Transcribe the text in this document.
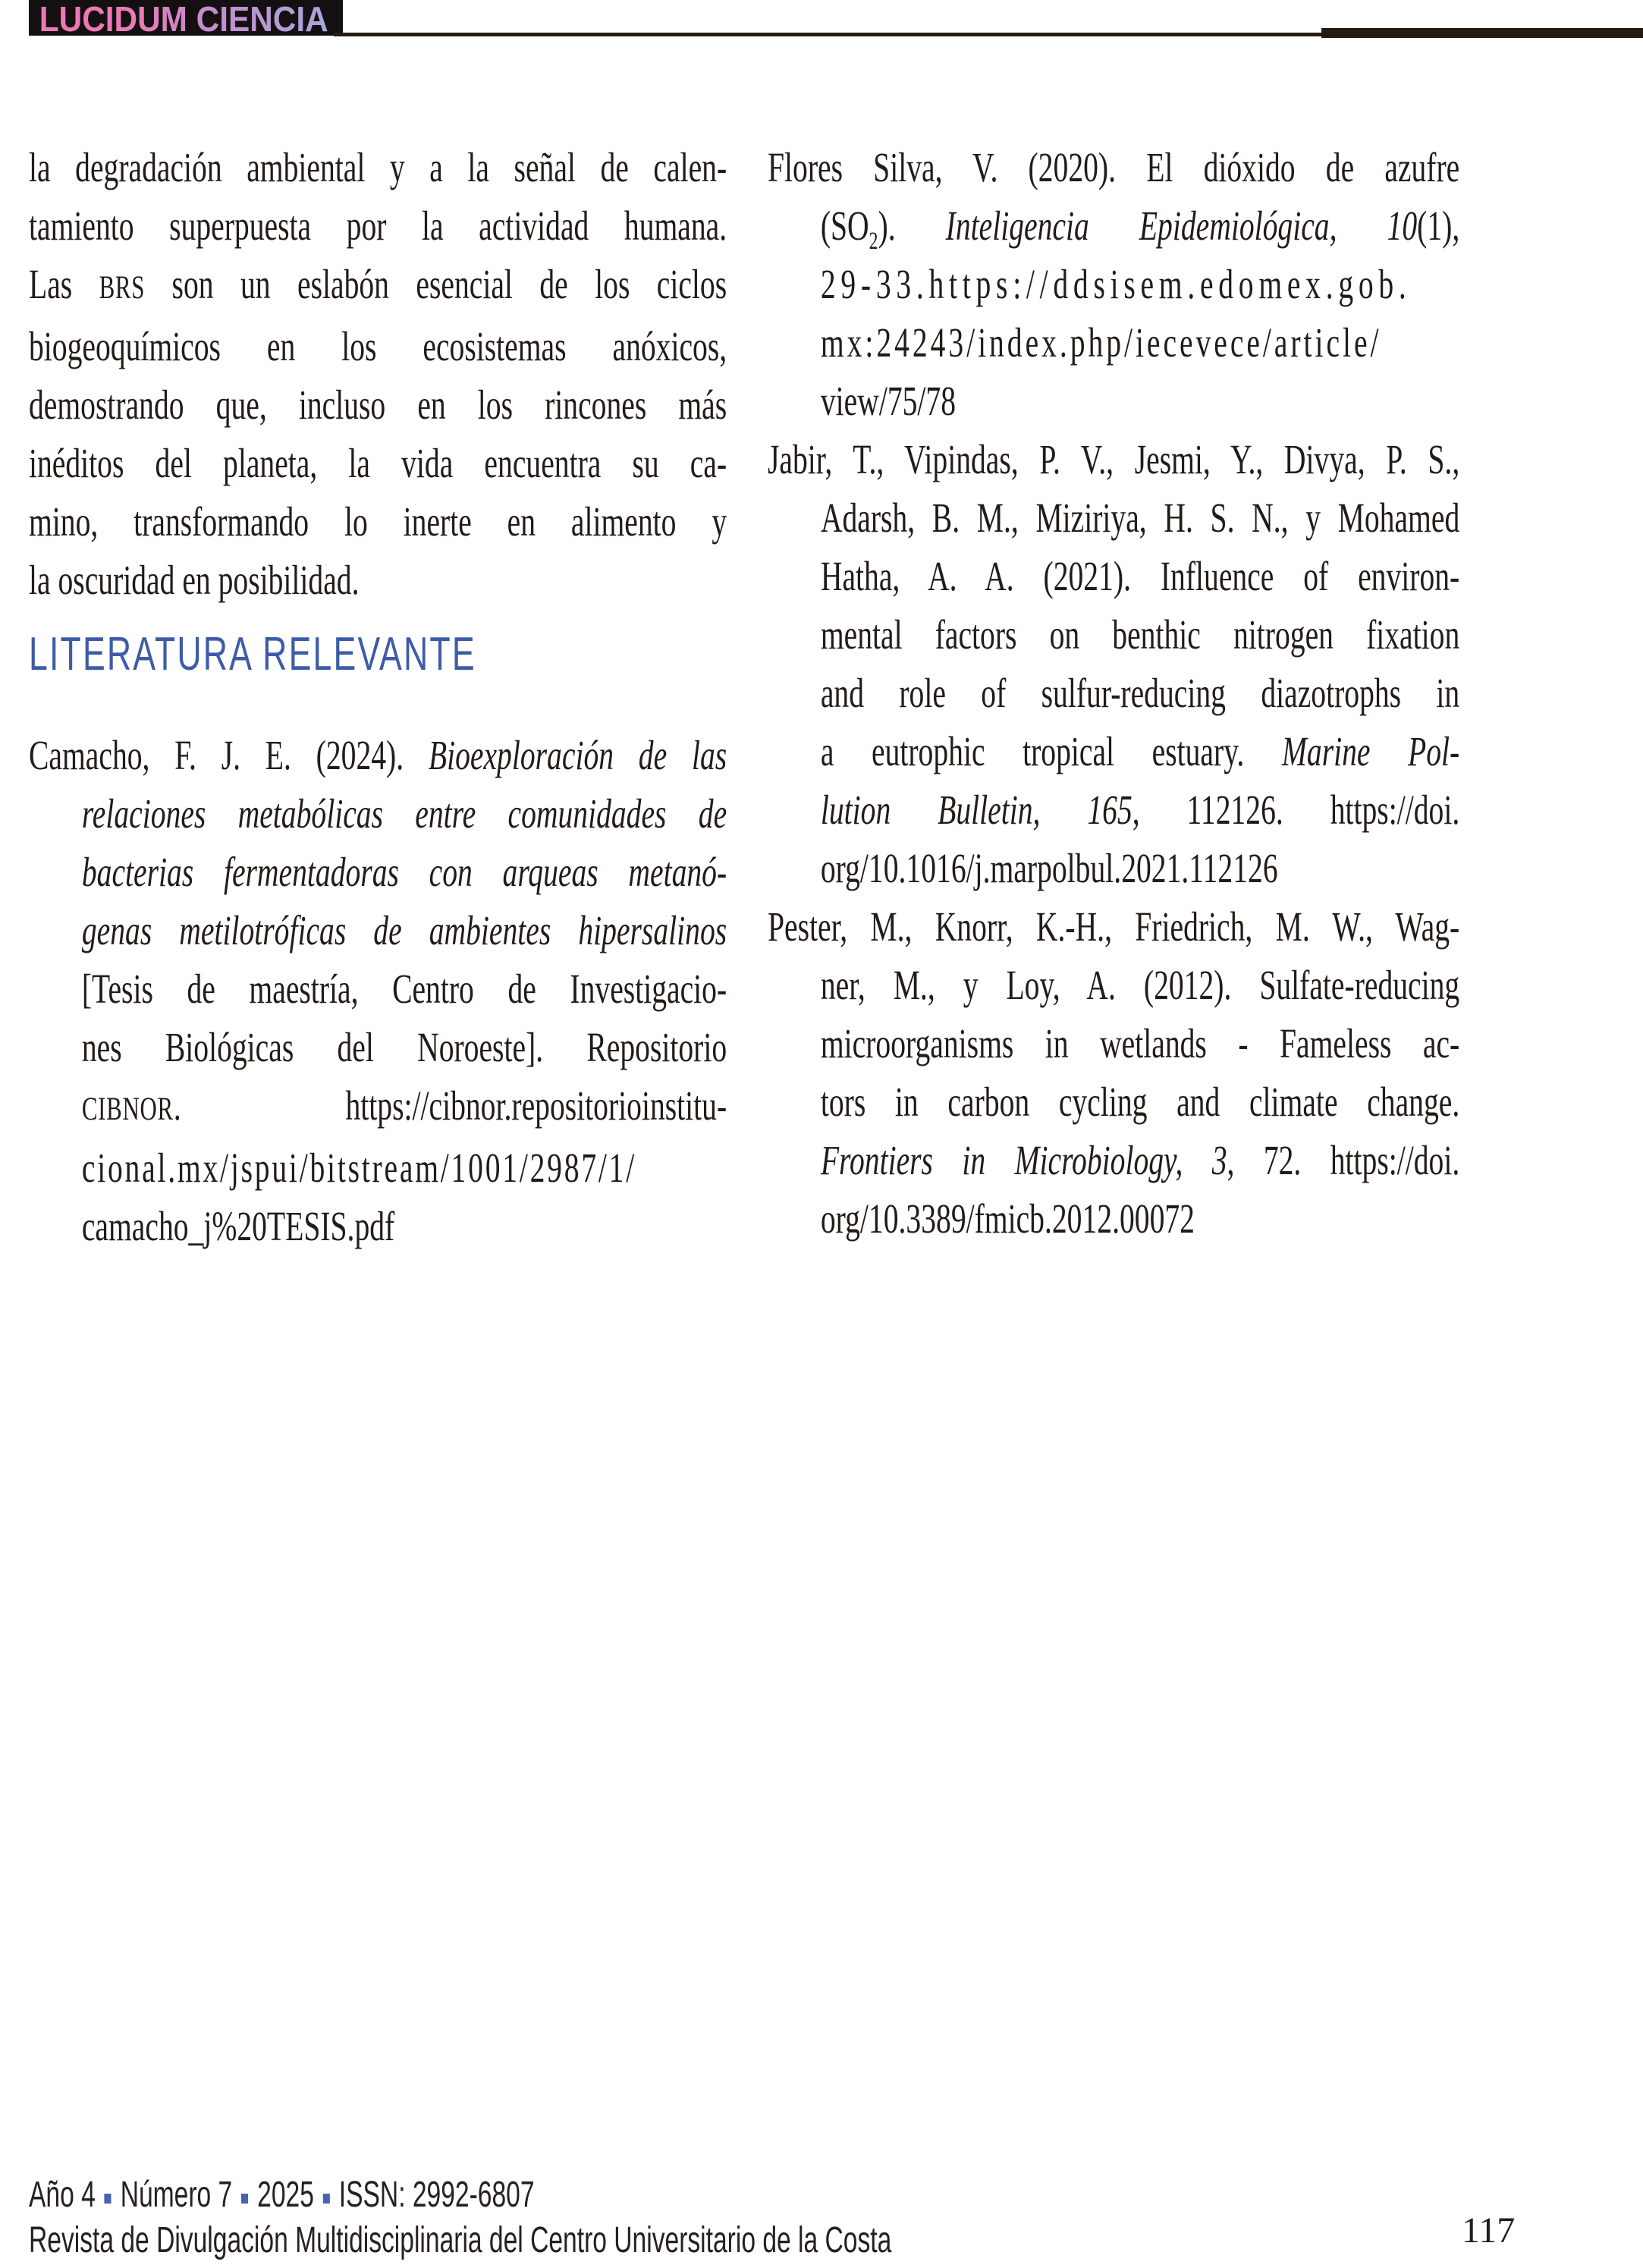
LUCIDUM CIENCIA
la degradación ambiental y a la señal de calen-
tamiento superpuesta por la actividad humana.
Las BRS son un eslabón esencial de los ciclos
biogeoquímicos en los ecosistemas anóxicos,
demostrando que, incluso en los rincones más
inéditos del planeta, la vida encuentra su ca-
mino, transformando lo inerte en alimento y
la oscuridad en posibilidad.
LITERATURA RELEVANTE
Camacho, F. J. E. (2024). Bioexploración de las
relaciones metabólicas entre comunidades de
bacterias fermentadoras con arqueas metanó-
genas metilotróficas de ambientes hipersalinos
[Tesis de maestría, Centro de Investigacio-
nes Biológicas del Noroeste]. Repositorio
CIBNOR. https://cibnor.repositorioinstitu-
cional.mx/jspui/bitstream/1001/2987/1/
camacho_j%20TESIS.pdf
Flores Silva, V. (2020). El dióxido de azufre
$(SO_2)$. Inteligencia Epidemiológica, 10(1),
29-33.https://ddsisem.edomex.gob.
mx:24243/index.php/iecevece/article/
view/75/78
Jabir, T., Vipindas, P. V., Jesmi, Y., Divya, P. S.,
Adarsh, B. M., Miziriya, H. S. N., y Mohamed
Hatha, A. A. (2021). Influence of environ-
mental factors on benthic nitrogen fixation
and role of sulfur-reducing diazotrophs in
a eutrophic tropical estuary. Marine Pol-
lution Bulletin, 165, 112126. https://doi.
org/10.1016/j.marpolbul.2021.112126
Pester, M., Knorr, K.-H., Friedrich, M. W., Wag-
ner, M., y Loy, A. (2012). Sulfate-reducing
microorganisms in wetlands - Fameless ac-
tors in carbon cycling and climate change.
Frontiers in Microbiology, 3, 72. https://doi.
org/10.3389/fmicb.2012.00072
Año 4 Número 7 2025 ISSN: 2992-6807
Revista de Divulgación Multidisciplinaria del Centro Universitario de la Costa	117
